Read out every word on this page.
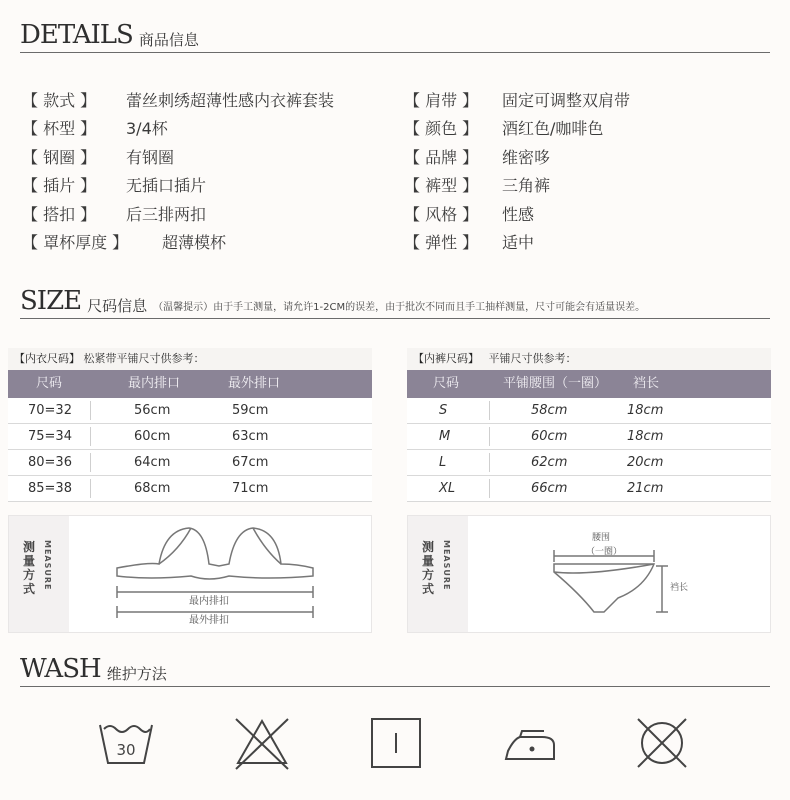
DETAILS 商品信息
【 款式 】 蕾丝刺绣超薄性感内衣裤套装
【 杯型 】 3/4杯
【 钢圈 】 有钢圈
【 插片 】 无插口插片
【 搭扣 】 后三排两扣
【 罩杯厚度 】 超薄模杯
【 肩带 】 固定可调整双肩带
【 颜色 】 酒红色/咖啡色
【 品牌 】 维密哆
【 裤型 】 三角裤
【 风格 】 性感
【 弹性 】 适中
SIZE 尺码信息 （温馨提示）由于手工测量，请允许1-2CM的误差，由于批次不同而且手工抽样测量，尺寸可能会有适量误差。
【内衣尺码】 松紧带平铺尺寸供参考：
尺码	最内排口	最外排口
70=32	56cm	59cm
75=34	60cm	63cm
80=36	64cm	67cm
85=38	68cm	71cm
【内裤尺码】 平铺尺寸供参考：
尺码	平铺腰围（一圈） 裆长
S	58cm	18cm
M	60cm	18cm
L	62cm	20cm
XL	66cm	21cm
测量方式 MEASURE
最内排扣
最外排扣
测量方式 MEASURE
腰围
（一圈）
裆长
WASH 维护方法
30
